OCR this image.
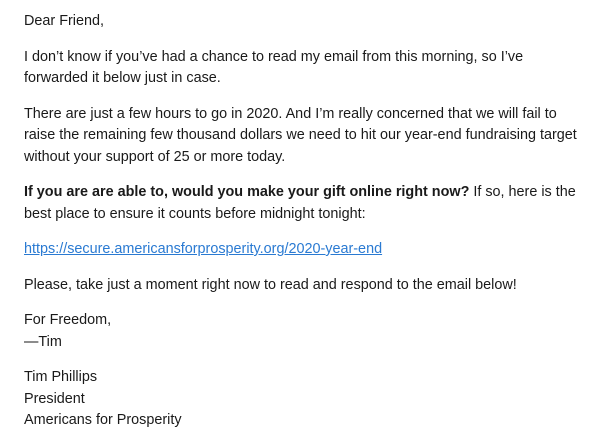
Dear Friend,

I don’t know if you’ve had a chance to read my email from this morning, so I’ve forwarded it below just in case.

There are just a few hours to go in 2020. And I’m really concerned that we will fail to raise the remaining few thousand dollars we need to hit our year-end fundraising target without your support of 25 or more today.

If you are are able to, would you make your gift online right now? If so, here is the best place to ensure it counts before midnight tonight:

https://secure.americansforprosperity.org/2020-year-end

Please, take just a moment right now to read and respond to the email below!

For Freedom,
—Tim

Tim Phillips
President
Americans for Prosperity
